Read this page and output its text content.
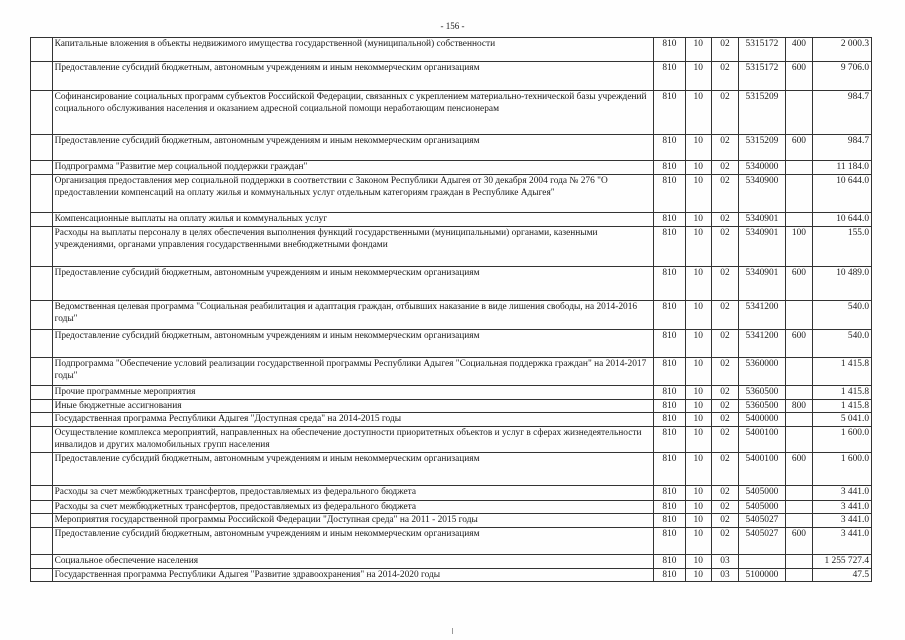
- 156 -
	Капитальные вложения в объекты недвижимого имущества государственной (муниципальной) собственности	810	10	02	5315172	400	2 000.3
	Предоставление субсидий бюджетным, автономным учреждениям и иным некоммерческим организациям	810	10	02	5315172	600	9 706.0
	Софинансирование социальных программ субъектов Российской Федерации, связанных с укреплением материально-технической базы учреждений социального обслуживания населения и оказанием адресной социальной помощи неработающим пенсионерам	810	10	02	5315209		984.7
	Предоставление субсидий бюджетным, автономным учреждениям и иным некоммерческим организациям	810	10	02	5315209	600	984.7
	Подпрограмма "Развитие мер социальной поддержки граждан"	810	10	02	5340000		11 184.0
	Организация предоставления мер социальной поддержки в соответствии с Законом Республики Адыгея от 30 декабря 2004 года № 276 "О предоставлении компенсаций на оплату жилья и коммунальных услуг отдельным категориям граждан в Республике Адыгея"	810	10	02	5340900		10 644.0
	Компенсационные выплаты на оплату жилья и коммунальных услуг	810	10	02	5340901		10 644.0
	Расходы на выплаты персоналу в целях обеспечения выполнения функций государственными (муниципальными) органами, казенными учреждениями, органами управления государственными внебюджетными фондами	810	10	02	5340901	100	155.0
	Предоставление субсидий бюджетным, автономным учреждениям и иным некоммерческим организациям	810	10	02	5340901	600	10 489.0
	Ведомственная целевая программа "Социальная реабилитация и адаптация граждан, отбывших наказание в виде лишения свободы, на 2014-2016 годы"	810	10	02	5341200		540.0
	Предоставление субсидий бюджетным, автономным учреждениям и иным некоммерческим организациям	810	10	02	5341200	600	540.0
	Подпрограмма "Обеспечение условий реализации государственной программы Республики Адыгея "Социальная поддержка граждан" на 2014-2017 годы"	810	10	02	5360000		1 415.8
	Прочие программные мероприятия	810	10	02	5360500		1 415.8
	Иные бюджетные ассигнования	810	10	02	5360500	800	1 415.8
	Государственная программа Республики Адыгея "Доступная среда" на 2014-2015 годы	810	10	02	5400000		5 041.0
	Осуществление комплекса мероприятий, направленных на обеспечение доступности приоритетных объектов и услуг в сферах жизнедеятельности инвалидов и других маломобильных групп населения	810	10	02	5400100		1 600.0
	Предоставление субсидий бюджетным, автономным учреждениям и иным некоммерческим организациям	810	10	02	5400100	600	1 600.0
	Расходы за счет межбюджетных трансфертов, предоставляемых из федерального бюджета	810	10	02	5405000		3 441.0
	Расходы за счет межбюджетных трансфертов, предоставляемых из федерального бюджета	810	10	02	5405000		3 441.0
	Мероприятия государственной программы Российской Федерации "Доступная среда" на 2011 - 2015 годы	810	10	02	5405027		3 441.0
	Предоставление субсидий бюджетным, автономным учреждениям и иным некоммерческим организациям	810	10	02	5405027	600	3 441.0
	Социальное обеспечение населения	810	10	03			1 255 727.4
	Государственная программа Республики Адыгея "Развитие здравоохранения" на 2014-2020 годы	810	10	03	5100000		47.5
